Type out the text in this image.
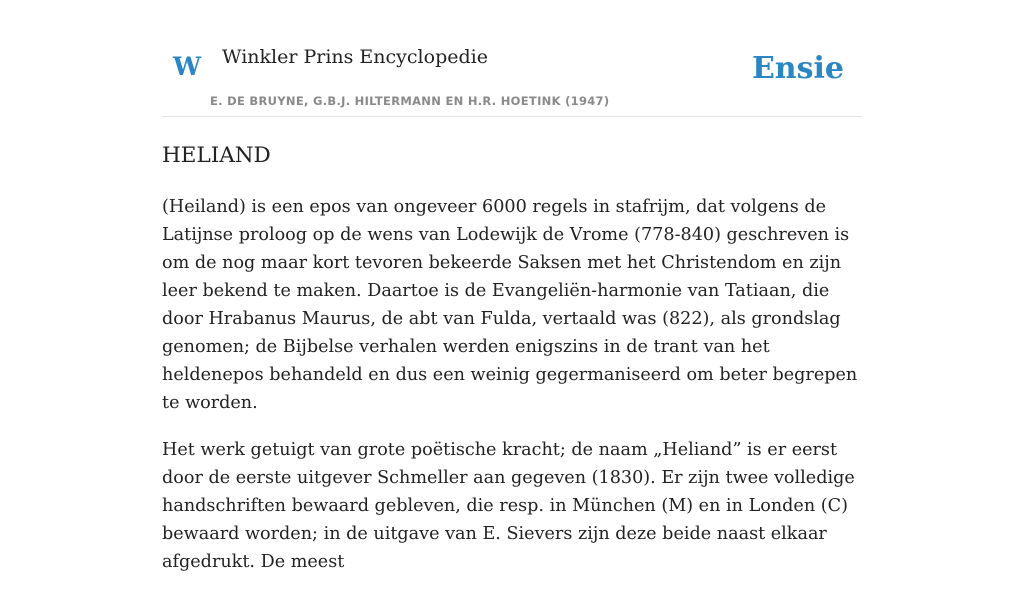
W Winkler Prins Encyclopedie
E. DE BRUYNE, G.B.J. HILTERMANN EN H.R. HOETINK (1947)
Ensie
HELIAND

(Heiland) is een epos van ongeveer 6000 regels in stafrijm, dat volgens de Latijnse proloog op de wens van Lodewijk de Vrome (778-840) geschreven is om de nog maar kort tevoren bekeerde Saksen met het Christendom en zijn leer bekend te maken. Daartoe is de Evangeliën-harmonie van Tatiaan, die door Hrabanus Maurus, de abt van Fulda, vertaald was (822), als grondslag genomen; de Bijbelse verhalen werden enigszins in de trant van het heldenepos behandeld en dus een weinig gegermaniseerd om beter begrepen te worden.

Het werk getuigt van grote poëtische kracht; de naam „Heliand” is er eerst door de eerste uitgever Schmeller aan gegeven (1830). Er zijn twee volledige handschriften bewaard gebleven, die resp. in München (M) en in Londen (C) bewaard worden; in de uitgave van E. Sievers zijn deze beide naast elkaar afgedrukt. De meest
